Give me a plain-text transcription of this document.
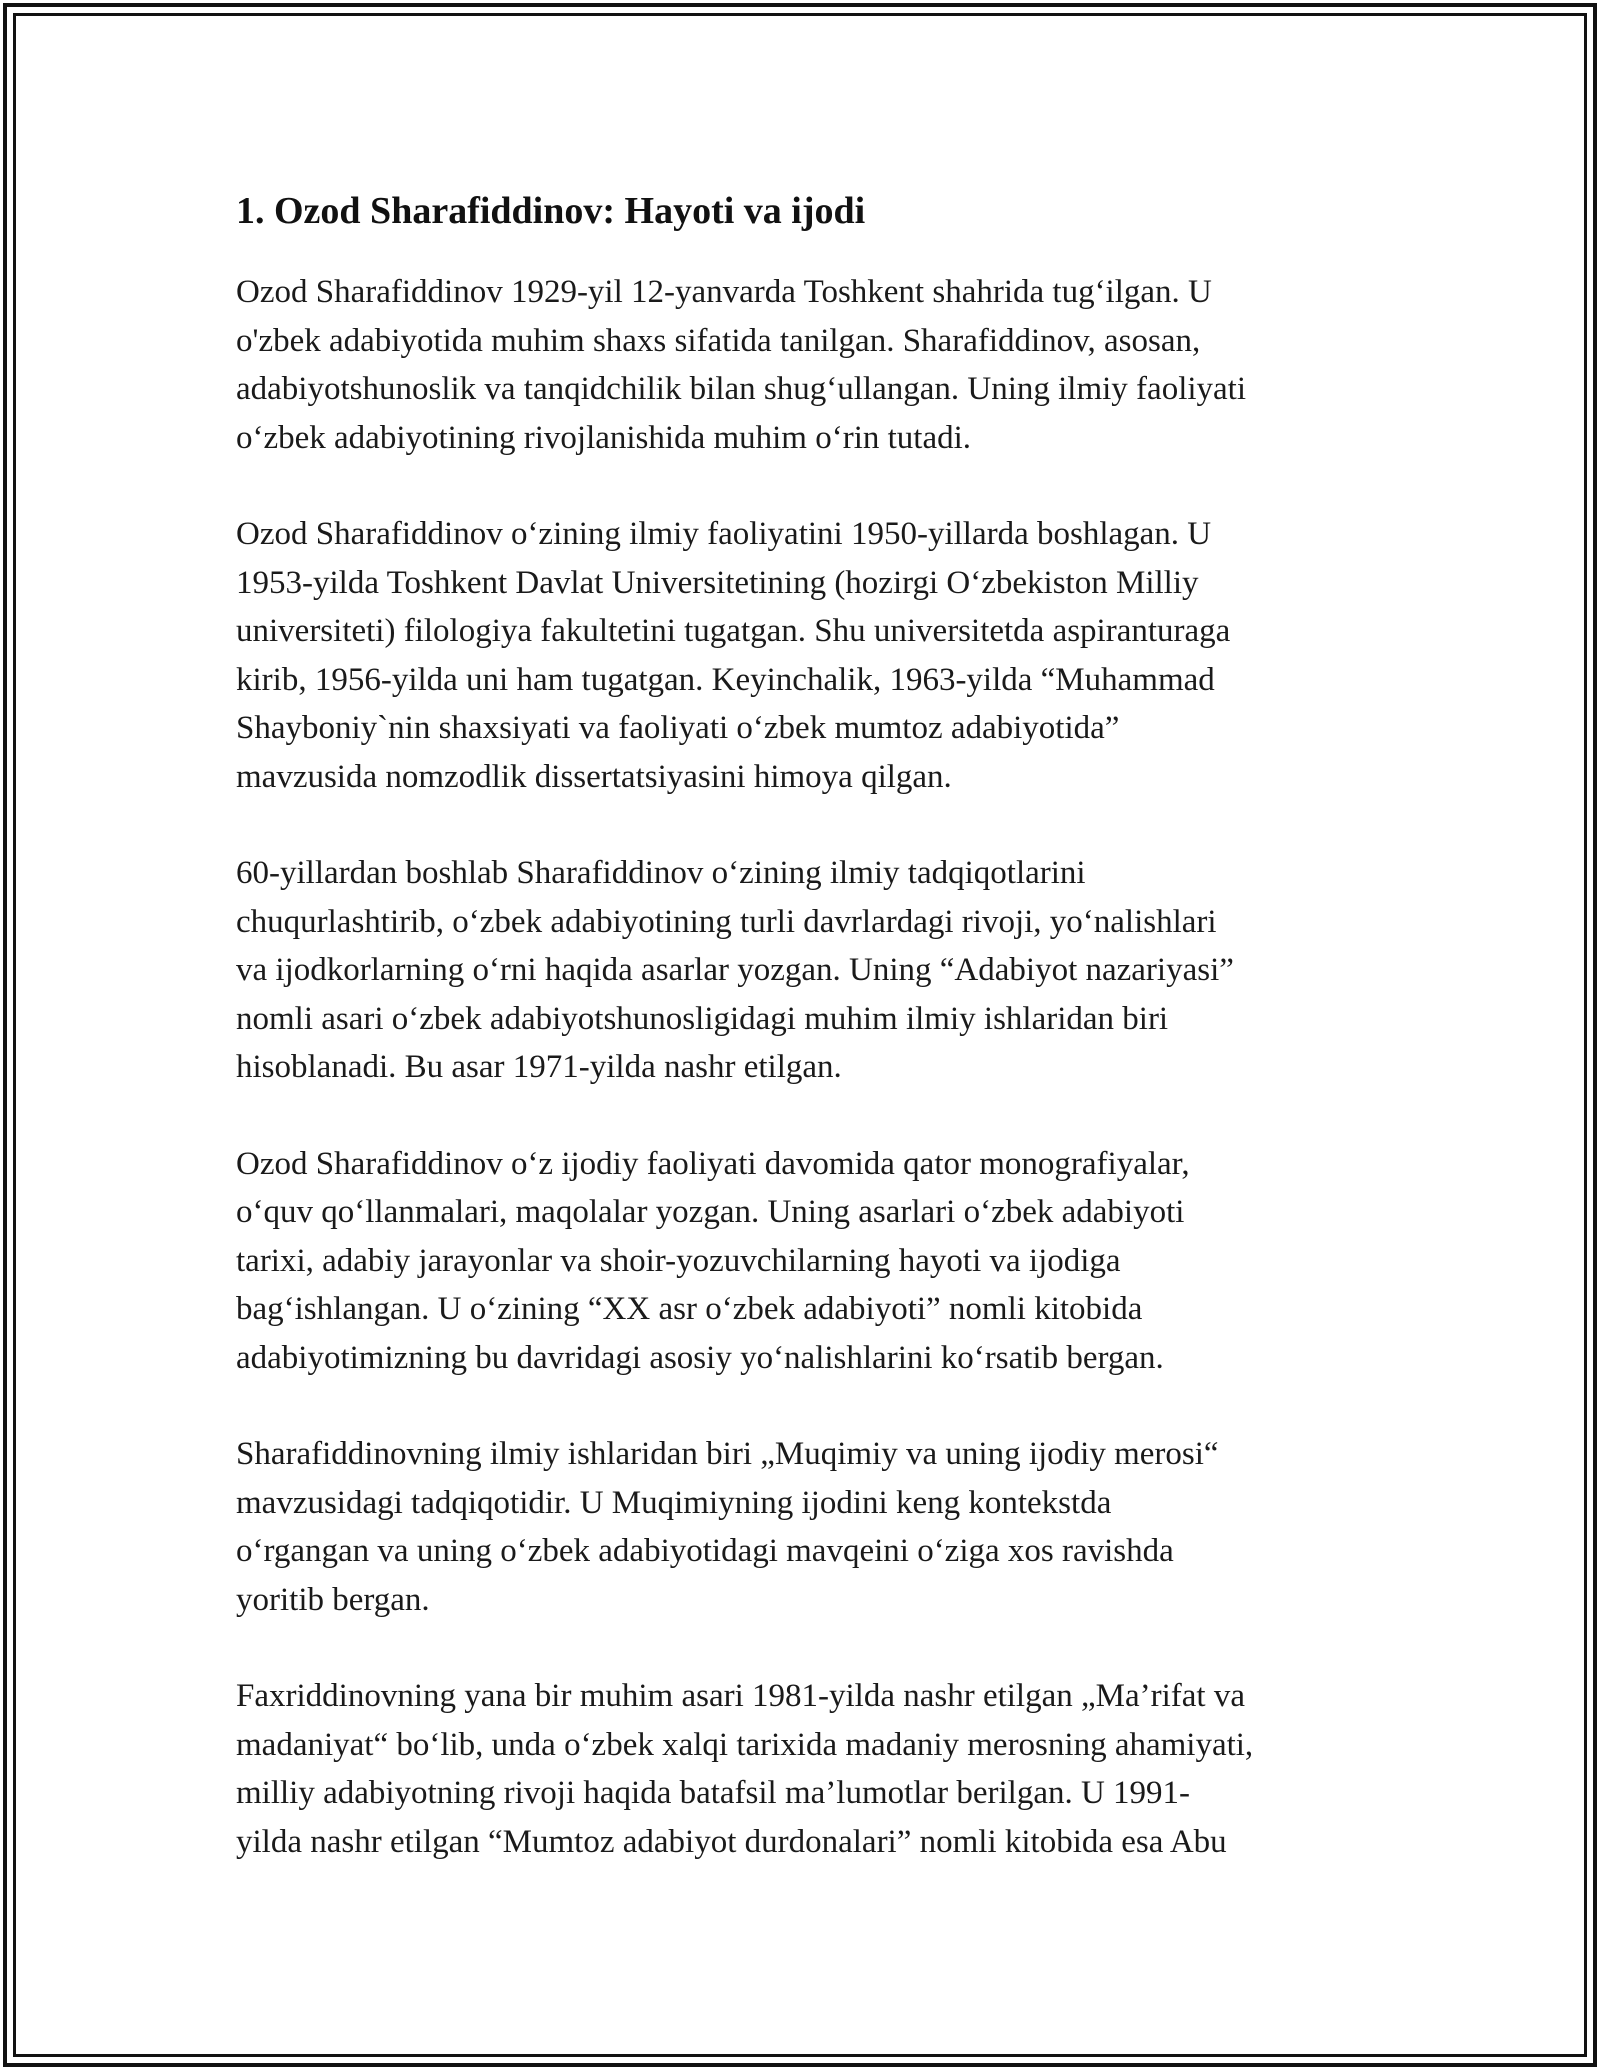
1. Ozod Sharafiddinov: Hayoti va ijodi

Ozod Sharafiddinov 1929-yil 12-yanvarda Toshkent shahrida tug‘ilgan. U
o'zbek adabiyotida muhim shaxs sifatida tanilgan. Sharafiddinov, asosan,
adabiyotshunoslik va tanqidchilik bilan shug‘ullangan. Uning ilmiy faoliyati
o‘zbek adabiyotining rivojlanishida muhim o‘rin tutadi.

Ozod Sharafiddinov o‘zining ilmiy faoliyatini 1950-yillarda boshlagan. U
1953-yilda Toshkent Davlat Universitetining (hozirgi O‘zbekiston Milliy
universiteti) filologiya fakultetini tugatgan. Shu universitetda aspiranturaga
kirib, 1956-yilda uni ham tugatgan. Keyinchalik, 1963-yilda “Muhammad
Shayboniy`nin shaxsiyati va faoliyati o‘zbek mumtoz adabiyotida”
mavzusida nomzodlik dissertatsiyasini himoya qilgan.

60-yillardan boshlab Sharafiddinov o‘zining ilmiy tadqiqotlarini
chuqurlashtirib, o‘zbek adabiyotining turli davrlardagi rivoji, yo‘nalishlari
va ijodkorlarning o‘rni haqida asarlar yozgan. Uning “Adabiyot nazariyasi”
nomli asari o‘zbek adabiyotshunosligidagi muhim ilmiy ishlaridan biri
hisoblanadi. Bu asar 1971-yilda nashr etilgan.

Ozod Sharafiddinov o‘z ijodiy faoliyati davomida qator monografiyalar,
o‘quv qo‘llanmalari, maqolalar yozgan. Uning asarlari o‘zbek adabiyoti
tarixi, adabiy jarayonlar va shoir-yozuvchilarning hayoti va ijodiga
bag‘ishlangan. U o‘zining “XX asr o‘zbek adabiyoti” nomli kitobida
adabiyotimizning bu davridagi asosiy yo‘nalishlarini ko‘rsatib bergan.

Sharafiddinovning ilmiy ishlaridan biri „Muqimiy va uning ijodiy merosi“
mavzusidagi tadqiqotidir. U Muqimiyning ijodini keng kontekstda
o‘rgangan va uning o‘zbek adabiyotidagi mavqeini o‘ziga xos ravishda
yoritib bergan.

Faxriddinovning yana bir muhim asari 1981-yilda nashr etilgan „Ma’rifat va
madaniyat“ bo‘lib, unda o‘zbek xalqi tarixida madaniy merosning ahamiyati,
milliy adabiyotning rivoji haqida batafsil ma’lumotlar berilgan. U 1991-
yilda nashr etilgan “Mumtoz adabiyot durdonalari” nomli kitobida esa Abu
